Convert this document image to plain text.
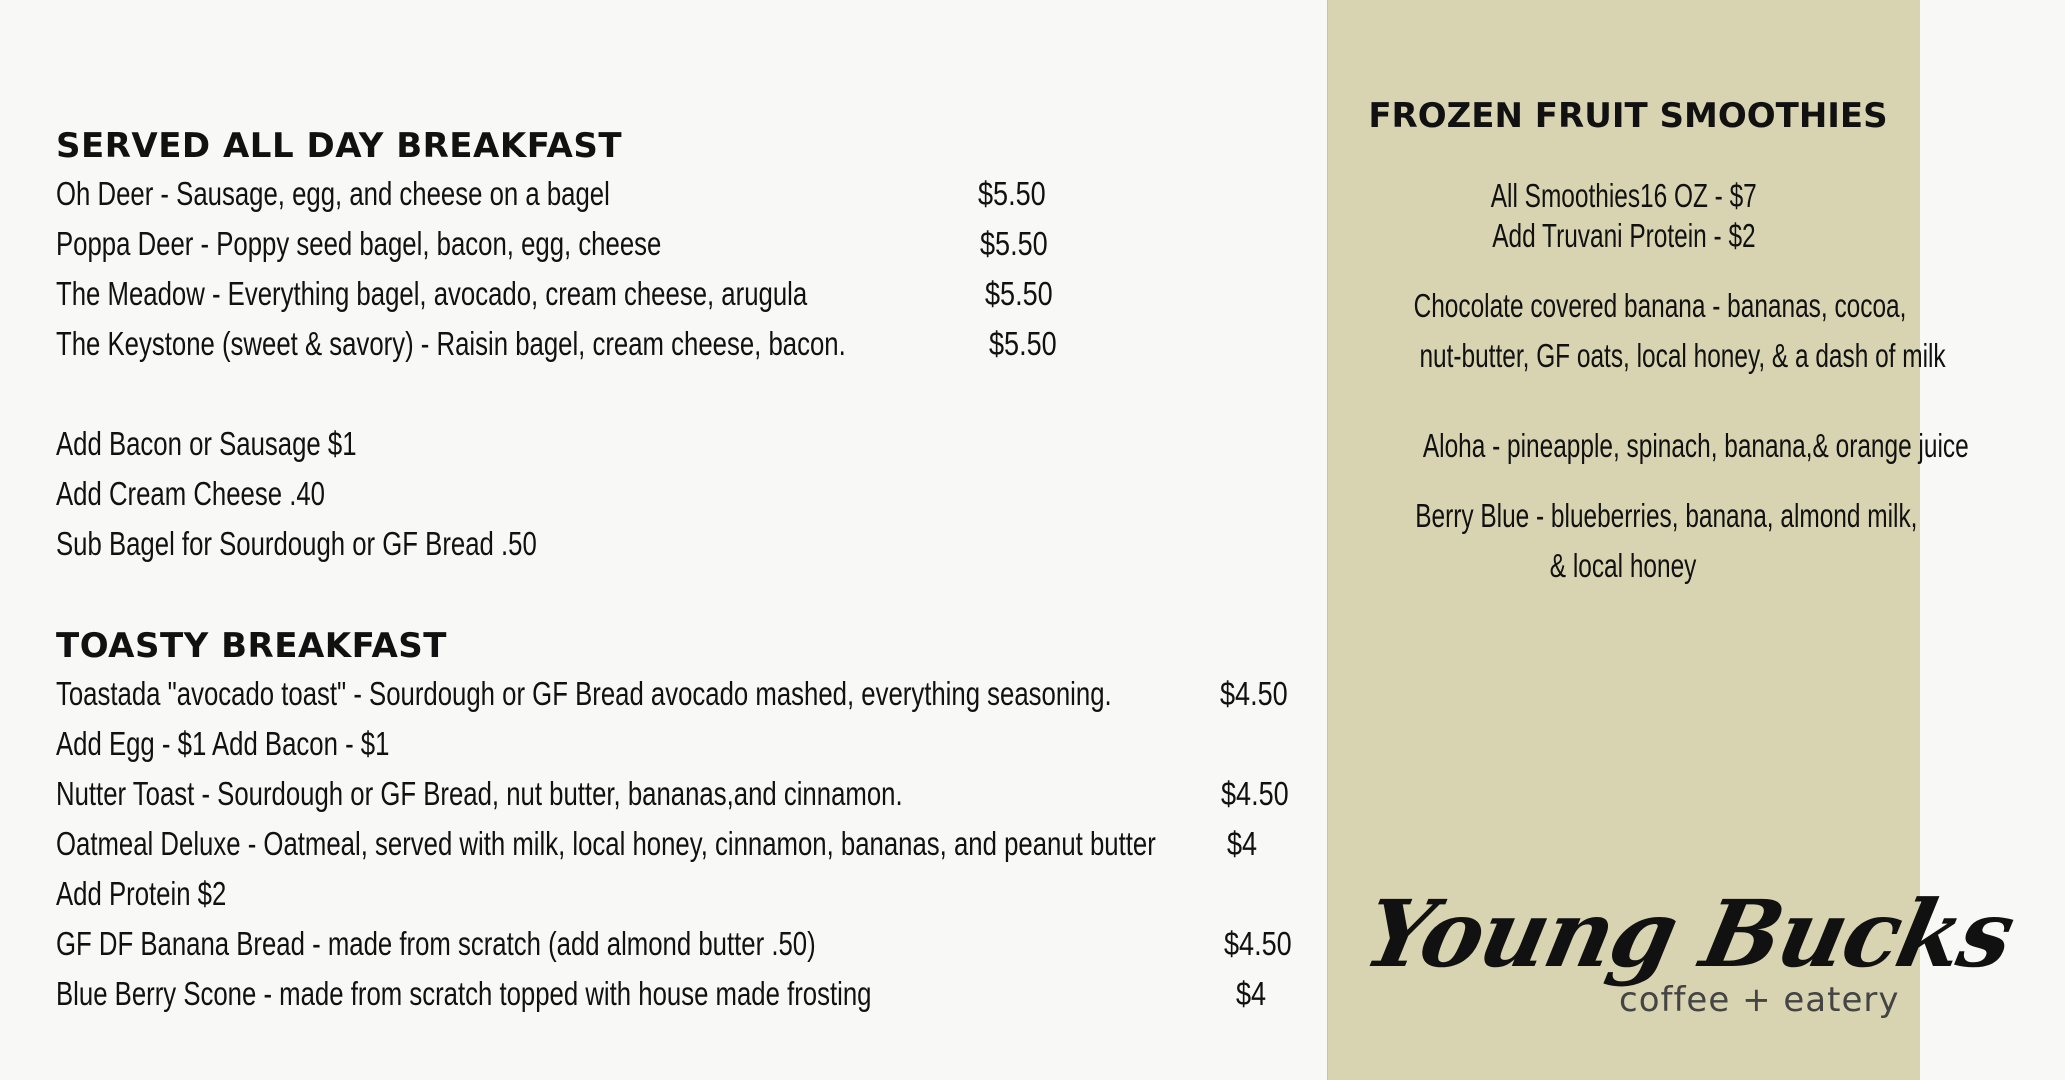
SERVED ALL DAY BREAKFAST
Oh Deer - Sausage, egg, and cheese on a bagel	$5.50
Poppa Deer - Poppy seed bagel, bacon, egg, cheese	$5.50
The Meadow - Everything bagel, avocado, cream cheese, arugula	$5.50
The Keystone (sweet & savory) - Raisin bagel, cream cheese, bacon.	$5.50
Add Bacon or Sausage $1
Add Cream Cheese .40
Sub Bagel for Sourdough or GF Bread .50
TOASTY BREAKFAST
Toastada "avocado toast" - Sourdough or GF Bread avocado mashed, everything seasoning.	$4.50
Add Egg - $1 Add Bacon - $1
Nutter Toast - Sourdough or GF Bread, nut butter, bananas,and cinnamon.	$4.50
Oatmeal Deluxe - Oatmeal, served with milk, local honey, cinnamon, bananas, and peanut butter $4
Add Protein $2
GF DF Banana Bread - made from scratch (add almond butter .50)	$4.50
Blue Berry Scone - made from scratch topped with house made frosting	$4
FROZEN FRUIT SMOOTHIES
All Smoothies16 OZ - $7
Add Truvani Protein - $2
Chocolate covered banana - bananas, cocoa,
nut-butter, GF oats, local honey, & a dash of milk
Aloha - pineapple, spinach, banana,& orange juice
Berry Blue - blueberries, banana, almond milk,
& local honey
Young Bucks
coffee + eatery
